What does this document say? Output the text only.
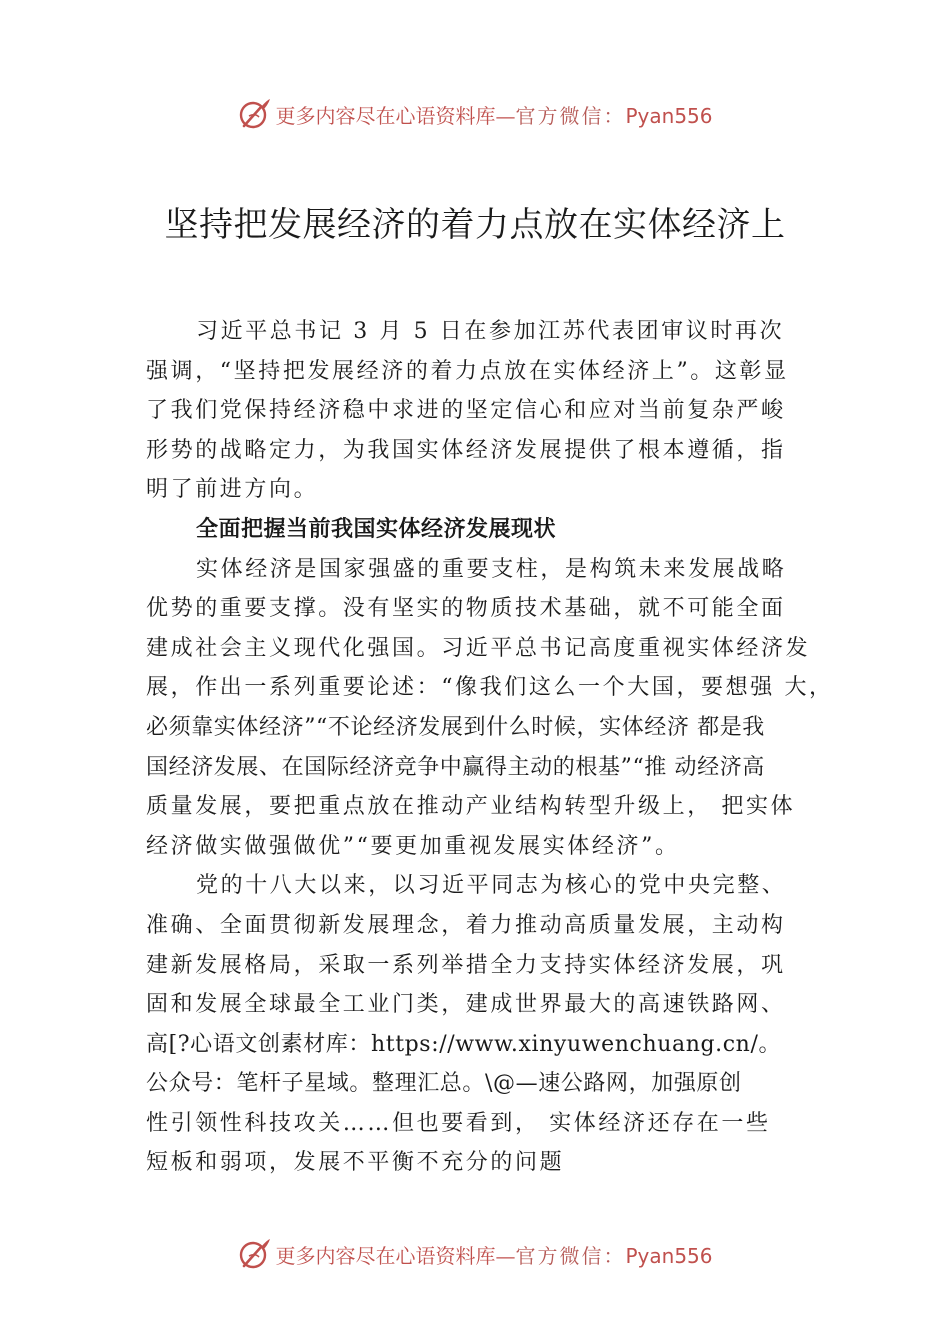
更多内容尽在心语资料库—官方微信：Pyan556
坚持把发展经济的着力点放在实体经济上
习近平总书记 3 月 5 日在参加江苏代表团审议时再次
强调，“坚持把发展经济的着力点放在实体经济上”。这彰显
了我们党保持经济稳中求进的坚定信心和应对当前复杂严峻
形势的战略定力，为我国实体经济发展提供了根本遵循，指
明了前进方向。
全面把握当前我国实体经济发展现状
实体经济是国家强盛的重要支柱，是构筑未来发展战略
优势的重要支撑。没有坚实的物质技术基础，就不可能全面
建成社会主义现代化强国。习近平总书记高度重视实体经济发
展，作出一系列重要论述：“像我们这么一个大国，要想强 大，
必须靠实体经济”“不论经济发展到什么时候，实体经济 都是我
国经济发展、在国际经济竞争中赢得主动的根基”“推 动经济高
质量发展，要把重点放在推动产业结构转型升级上， 把实体
经济做实做强做优”“要更加重视发展实体经济”。
党的十八大以来，以习近平同志为核心的党中央完整、
准确、全面贯彻新发展理念，着力推动高质量发展，主动构
建新发展格局，采取一系列举措全力支持实体经济发展，巩
固和发展全球最全工业门类，建成世界最大的高速铁路网、
高[?心语文创素材库：https://www.xinyuwenchuang.cn/。
公众号：笔杆子星域。整理汇总。\@—速公路网，加强原创
性引领性科技攻关……但也要看到， 实体经济还存在一些
短板和弱项，发展不平衡不充分的问题
更多内容尽在心语资料库—官方微信：Pyan556
